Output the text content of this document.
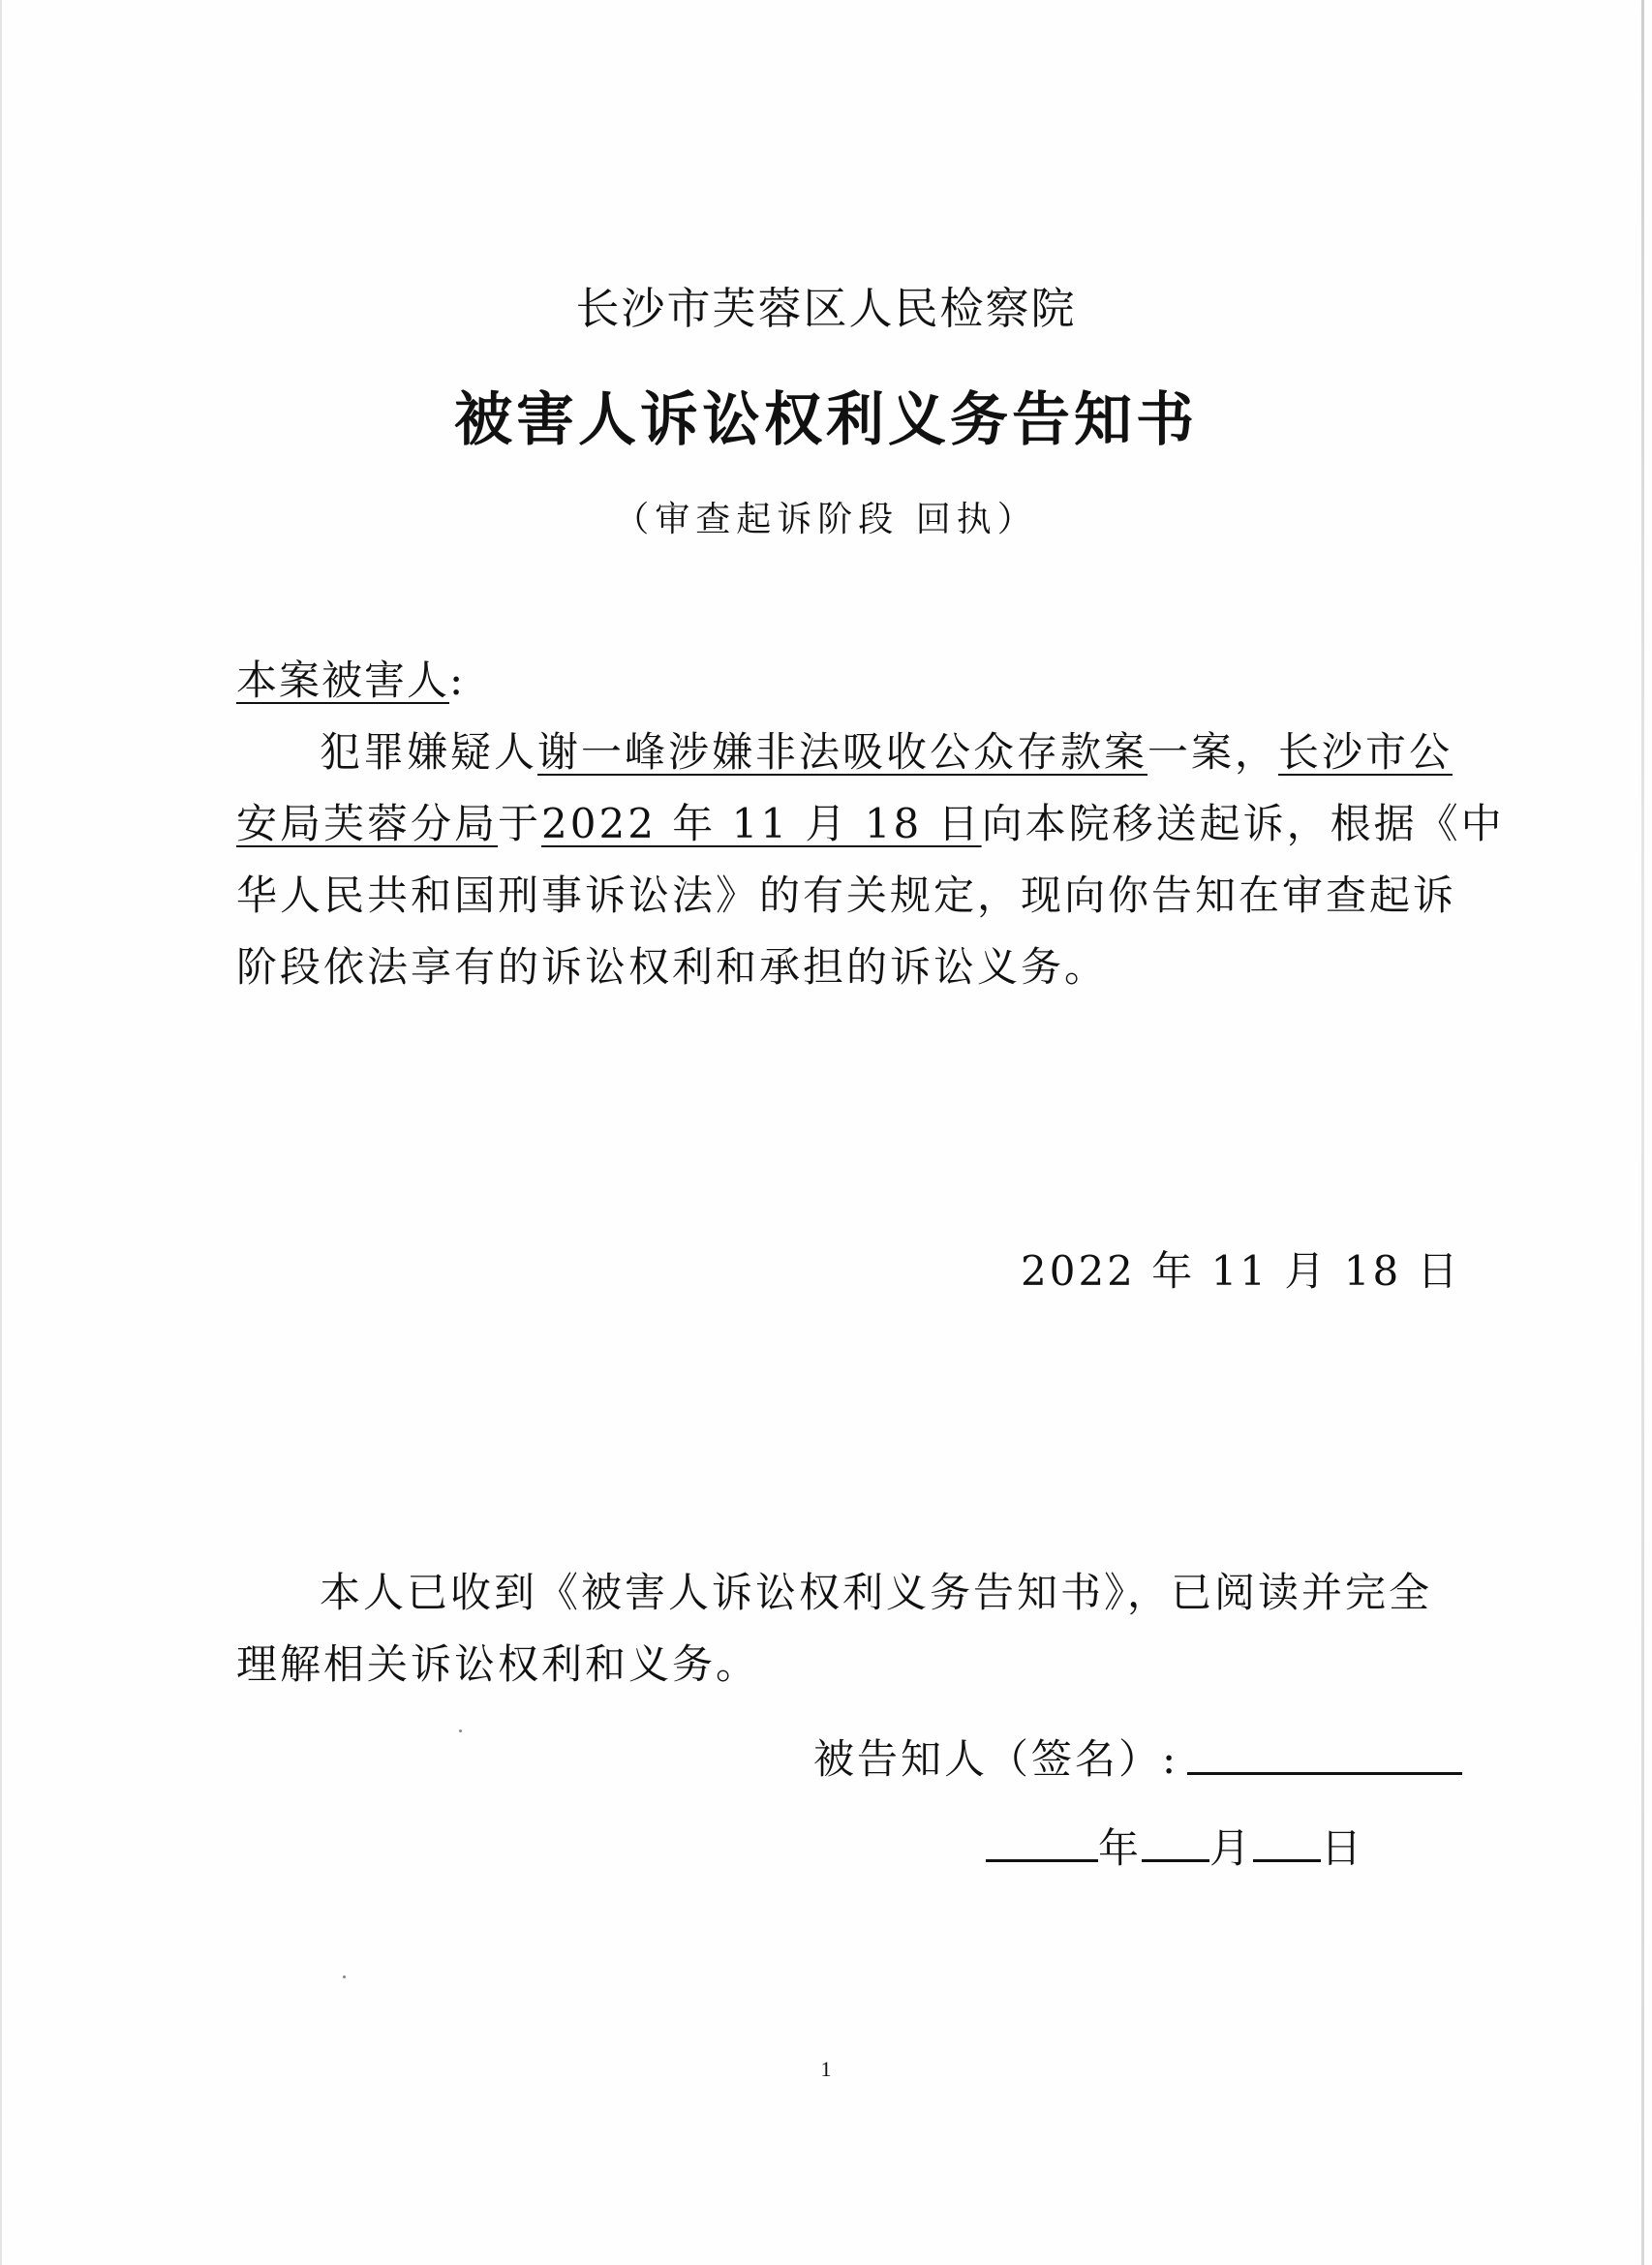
长沙市芙蓉区人民检察院
被害人诉讼权利义务告知书
（审查起诉阶段 回执）
本案被害人:
犯罪嫌疑人谢一峰涉嫌非法吸收公众存款案一案，长沙市公
安局芙蓉分局于2022 年 11 月 18 日向本院移送起诉，根据《中
华人民共和国刑事诉讼法》的有关规定，现向你告知在审查起诉
阶段依法享有的诉讼权利和承担的诉讼义务。
2022 年 11 月 18 日
本人已收到《被害人诉讼权利义务告知书》，已阅读并完全
理解相关诉讼权利和义务。
被告知人（签名）:
年 月 日
1
